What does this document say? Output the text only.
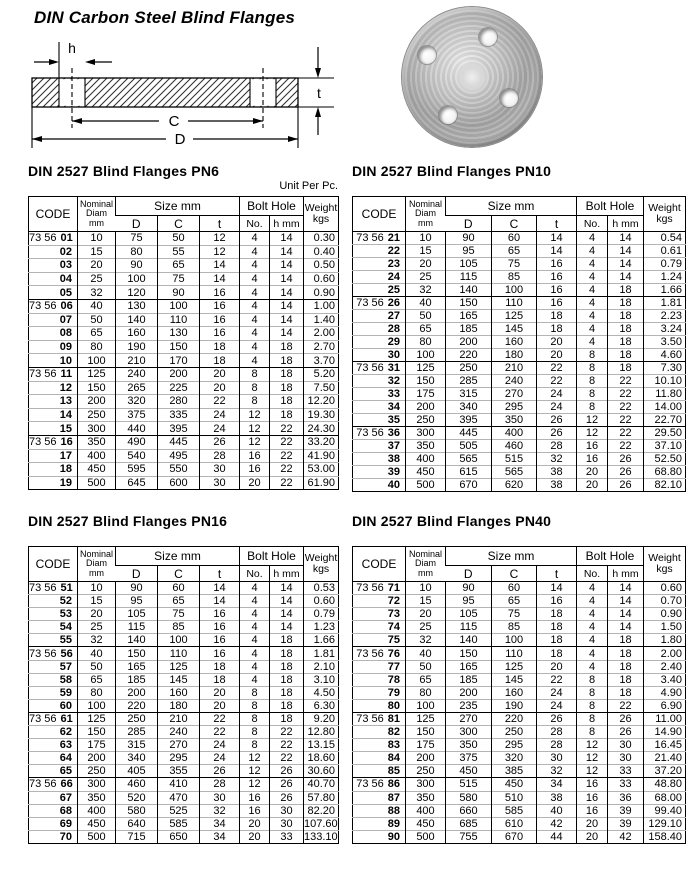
DIN Carbon Steel Blind Flanges
h
t
C
D
DIN 2527 Blind Flanges PN6
Unit Per Pc.
CODE	Nominal
Diam
mm	Size mm			Bolt Hole		Weight
kgs

		D	C	t	No.	h mm	
73 56 01	10	75	50	12	4	14	0.30
02	15	80	55	12	4	14	0.40
03	20	90	65	14	4	14	0.50
04	25	100	75	14	4	14	0.60
05	32	120	90	16	4	14	0.90
73 56 06	40	130	100	16	4	14	1.00
07	50	140	110	16	4	14	1.40
08	65	160	130	16	4	14	2.00
09	80	190	150	18	4	18	2.70
10	100	210	170	18	4	18	3.70
73 56 11	125	240	200	20	8	18	5.20
12	150	265	225	20	8	18	7.50
13	200	320	280	22	8	18	12.20
14	250	375	335	24	12	18	19.30
15	300	440	395	24	12	22	24.30
73 56 16	350	490	445	26	12	22	33.20
17	400	540	495	28	16	22	41.90
18	450	595	550	30	16	22	53.00
19	500	645	600	30	20	22	61.90
DIN 2527 Blind Flanges PN10
CODE	Nominal
Diam
mm	Size mm			Bolt Hole		Weight
kgs

		D	C	t	No.	h mm	
73 56 21	10	90	60	14	4	14	0.54
22	15	95	65	14	4	14	0.61
23	20	105	75	16	4	14	0.79
24	25	115	85	16	4	14	1.24
25	32	140	100	16	4	18	1.66
73 56 26	40	150	110	16	4	18	1.81
27	50	165	125	18	4	18	2.23
28	65	185	145	18	4	18	3.24
29	80	200	160	20	4	18	3.50
30	100	220	180	20	8	18	4.60
73 56 31	125	250	210	22	8	18	7.30
32	150	285	240	22	8	22	10.10
33	175	315	270	24	8	22	11.80
34	200	340	295	24	8	22	14.00
35	250	395	350	26	12	22	22.70
73 56 36	300	445	400	26	12	22	29.50
37	350	505	460	28	16	22	37.10
38	400	565	515	32	16	26	52.50
39	450	615	565	38	20	26	68.80
40	500	670	620	38	20	26	82.10
DIN 2527 Blind Flanges PN16
CODE	Nominal
Diam
mm	Size mm			Bolt Hole		Weight
kgs

		D	C	t	No.	h mm	
73 56 51	10	90	60	14	4	14	0.53
52	15	95	65	14	4	14	0.60
53	20	105	75	16	4	14	0.79
54	25	115	85	16	4	14	1.23
55	32	140	100	16	4	18	1.66
73 56 56	40	150	110	16	4	18	1.81
57	50	165	125	18	4	18	2.10
58	65	185	145	18	4	18	3.10
59	80	200	160	20	8	18	4.50
60	100	220	180	20	8	18	6.30
73 56 61	125	250	210	22	8	18	9.20
62	150	285	240	22	8	22	12.80
63	175	315	270	24	8	22	13.15
64	200	340	295	24	12	22	18.60
65	250	405	355	26	12	26	30.60
73 56 66	300	460	410	28	12	26	40.70
67	350	520	470	30	16	26	57.80
68	400	580	525	32	16	30	82.20
69	450	640	585	34	20	30	107.60
70	500	715	650	34	20	33	133.10
DIN 2527 Blind Flanges PN40
CODE	Nominal
Diam
mm	Size mm			Bolt Hole		Weight
kgs

		D	C	t	No.	h mm	
73 56 71	10	90	60	14	4	14	0.60
72	15	95	65	16	4	14	0.70
73	20	105	75	18	4	14	0.90
74	25	115	85	18	4	14	1.50
75	32	140	100	18	4	18	1.80
73 56 76	40	150	110	18	4	18	2.00
77	50	165	125	20	4	18	2.40
78	65	185	145	22	8	18	3.40
79	80	200	160	24	8	18	4.90
80	100	235	190	24	8	22	6.90
73 56 81	125	270	220	26	8	26	11.00
82	150	300	250	28	8	26	14.90
83	175	350	295	28	12	30	16.45
84	200	375	320	30	12	30	21.40
85	250	450	385	32	12	33	37.20
73 56 86	300	515	450	34	16	33	48.80
87	350	580	510	38	16	36	68.00
88	400	660	585	40	16	39	99.40
89	450	685	610	42	20	39	129.10
90	500	755	670	44	20	42	158.40
